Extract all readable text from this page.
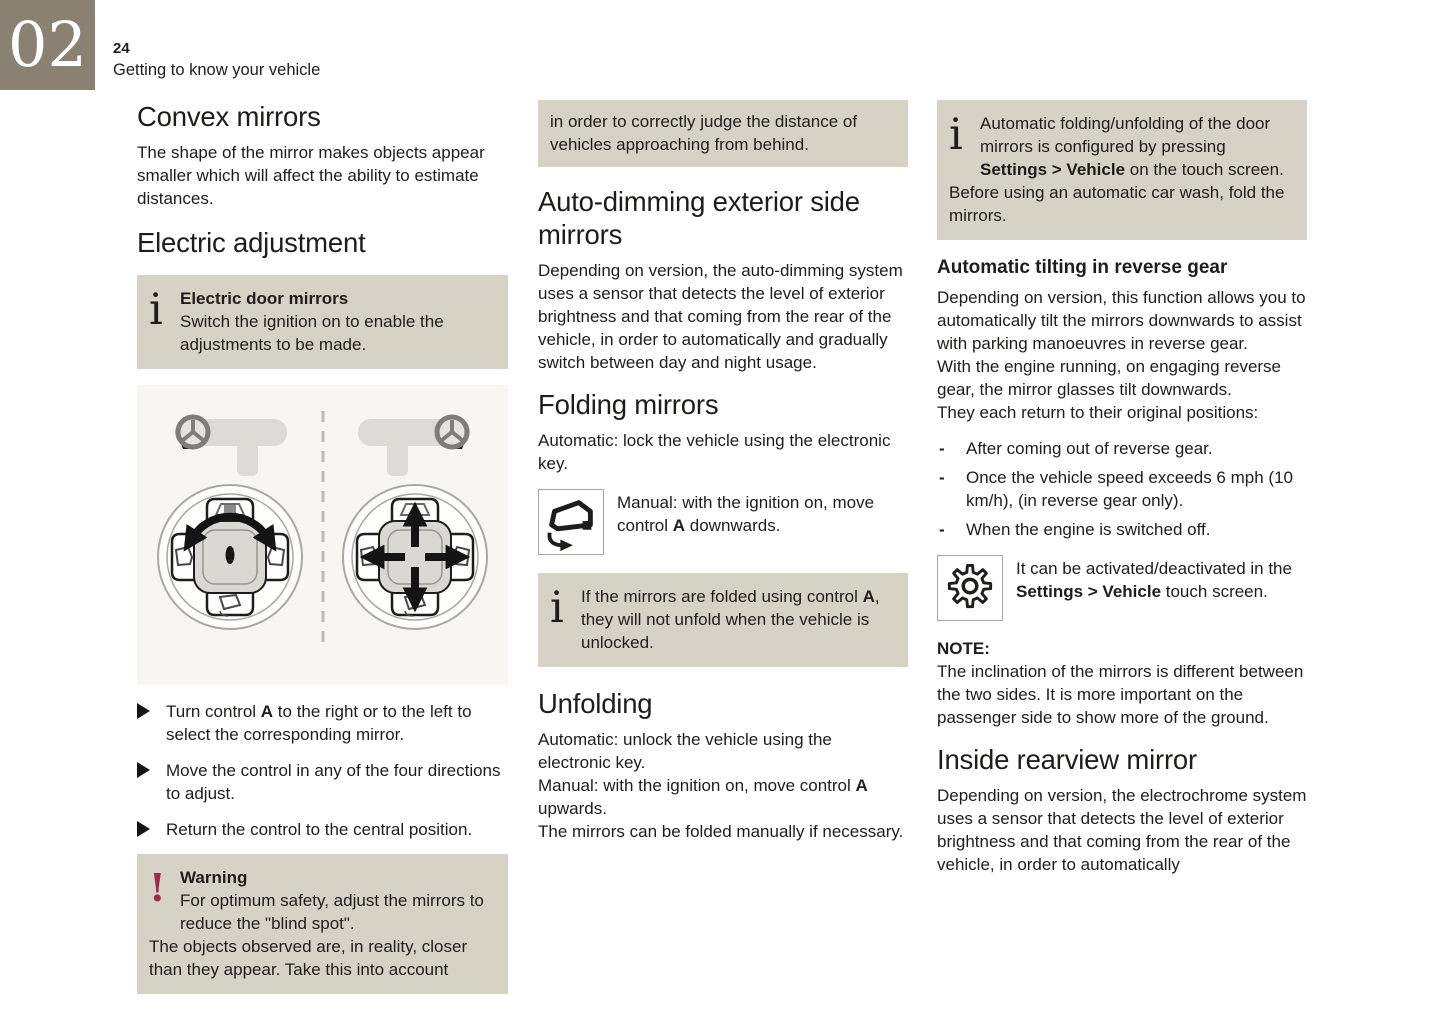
02	24
Getting to know your vehicle
Convex mirrors

The shape of the mirror makes objects appear smaller which will affect the ability to estimate distances.

Electric adjustment
i	Electric door mirrors
Switch the ignition on to enable the adjustments to be made.
Turn control A to the right or to the left to select the corresponding mirror.
Move the control in any of the four directions to adjust.
Return the control to the central position.
! Warning
For optimum safety, adjust the mirrors to reduce the "blind spot".

The objects observed are, in reality, closer than they appear. Take this into account

in order to correctly judge the distance of vehicles approaching from behind.
Auto-dimming exterior side mirrors

Depending on version, the auto-dimming system uses a sensor that detects the level of exterior brightness and that coming from the rear of the vehicle, in order to automatically and gradually switch between day and night usage.

Folding mirrors

Automatic: lock the vehicle using the electronic key.

Manual: with the ignition on, move control A downwards.
i	If the mirrors are folded using control A, they will not unfold when the vehicle is unlocked.
Unfolding

Automatic: unlock the vehicle using the electronic key.

Manual: with the ignition on, move control A upwards.

The mirrors can be folded manually if necessary.

i	Automatic folding/unfolding of the door mirrors is configured by pressing Settings > Vehicle on the touch screen. Before using an automatic car wash, fold the mirrors.
Automatic tilting in reverse gear

Depending on version, this function allows you to automatically tilt the mirrors downwards to assist with parking manoeuvres in reverse gear.

With the engine running, on engaging reverse gear, the mirror glasses tilt downwards.

They each return to their original positions:

- After coming out of reverse gear.
- Once the vehicle speed exceeds 6 mph (10 km/h), (in reverse gear only).
- When the engine is switched off.
It can be activated/deactivated in the Settings > Vehicle touch screen.

NOTE:

The inclination of the mirrors is different between the two sides. It is more important on the passenger side to show more of the ground.

Inside rearview mirror

Depending on version, the electrochrome system uses a sensor that detects the level of exterior brightness and that coming from the rear of the vehicle, in order to automatically
